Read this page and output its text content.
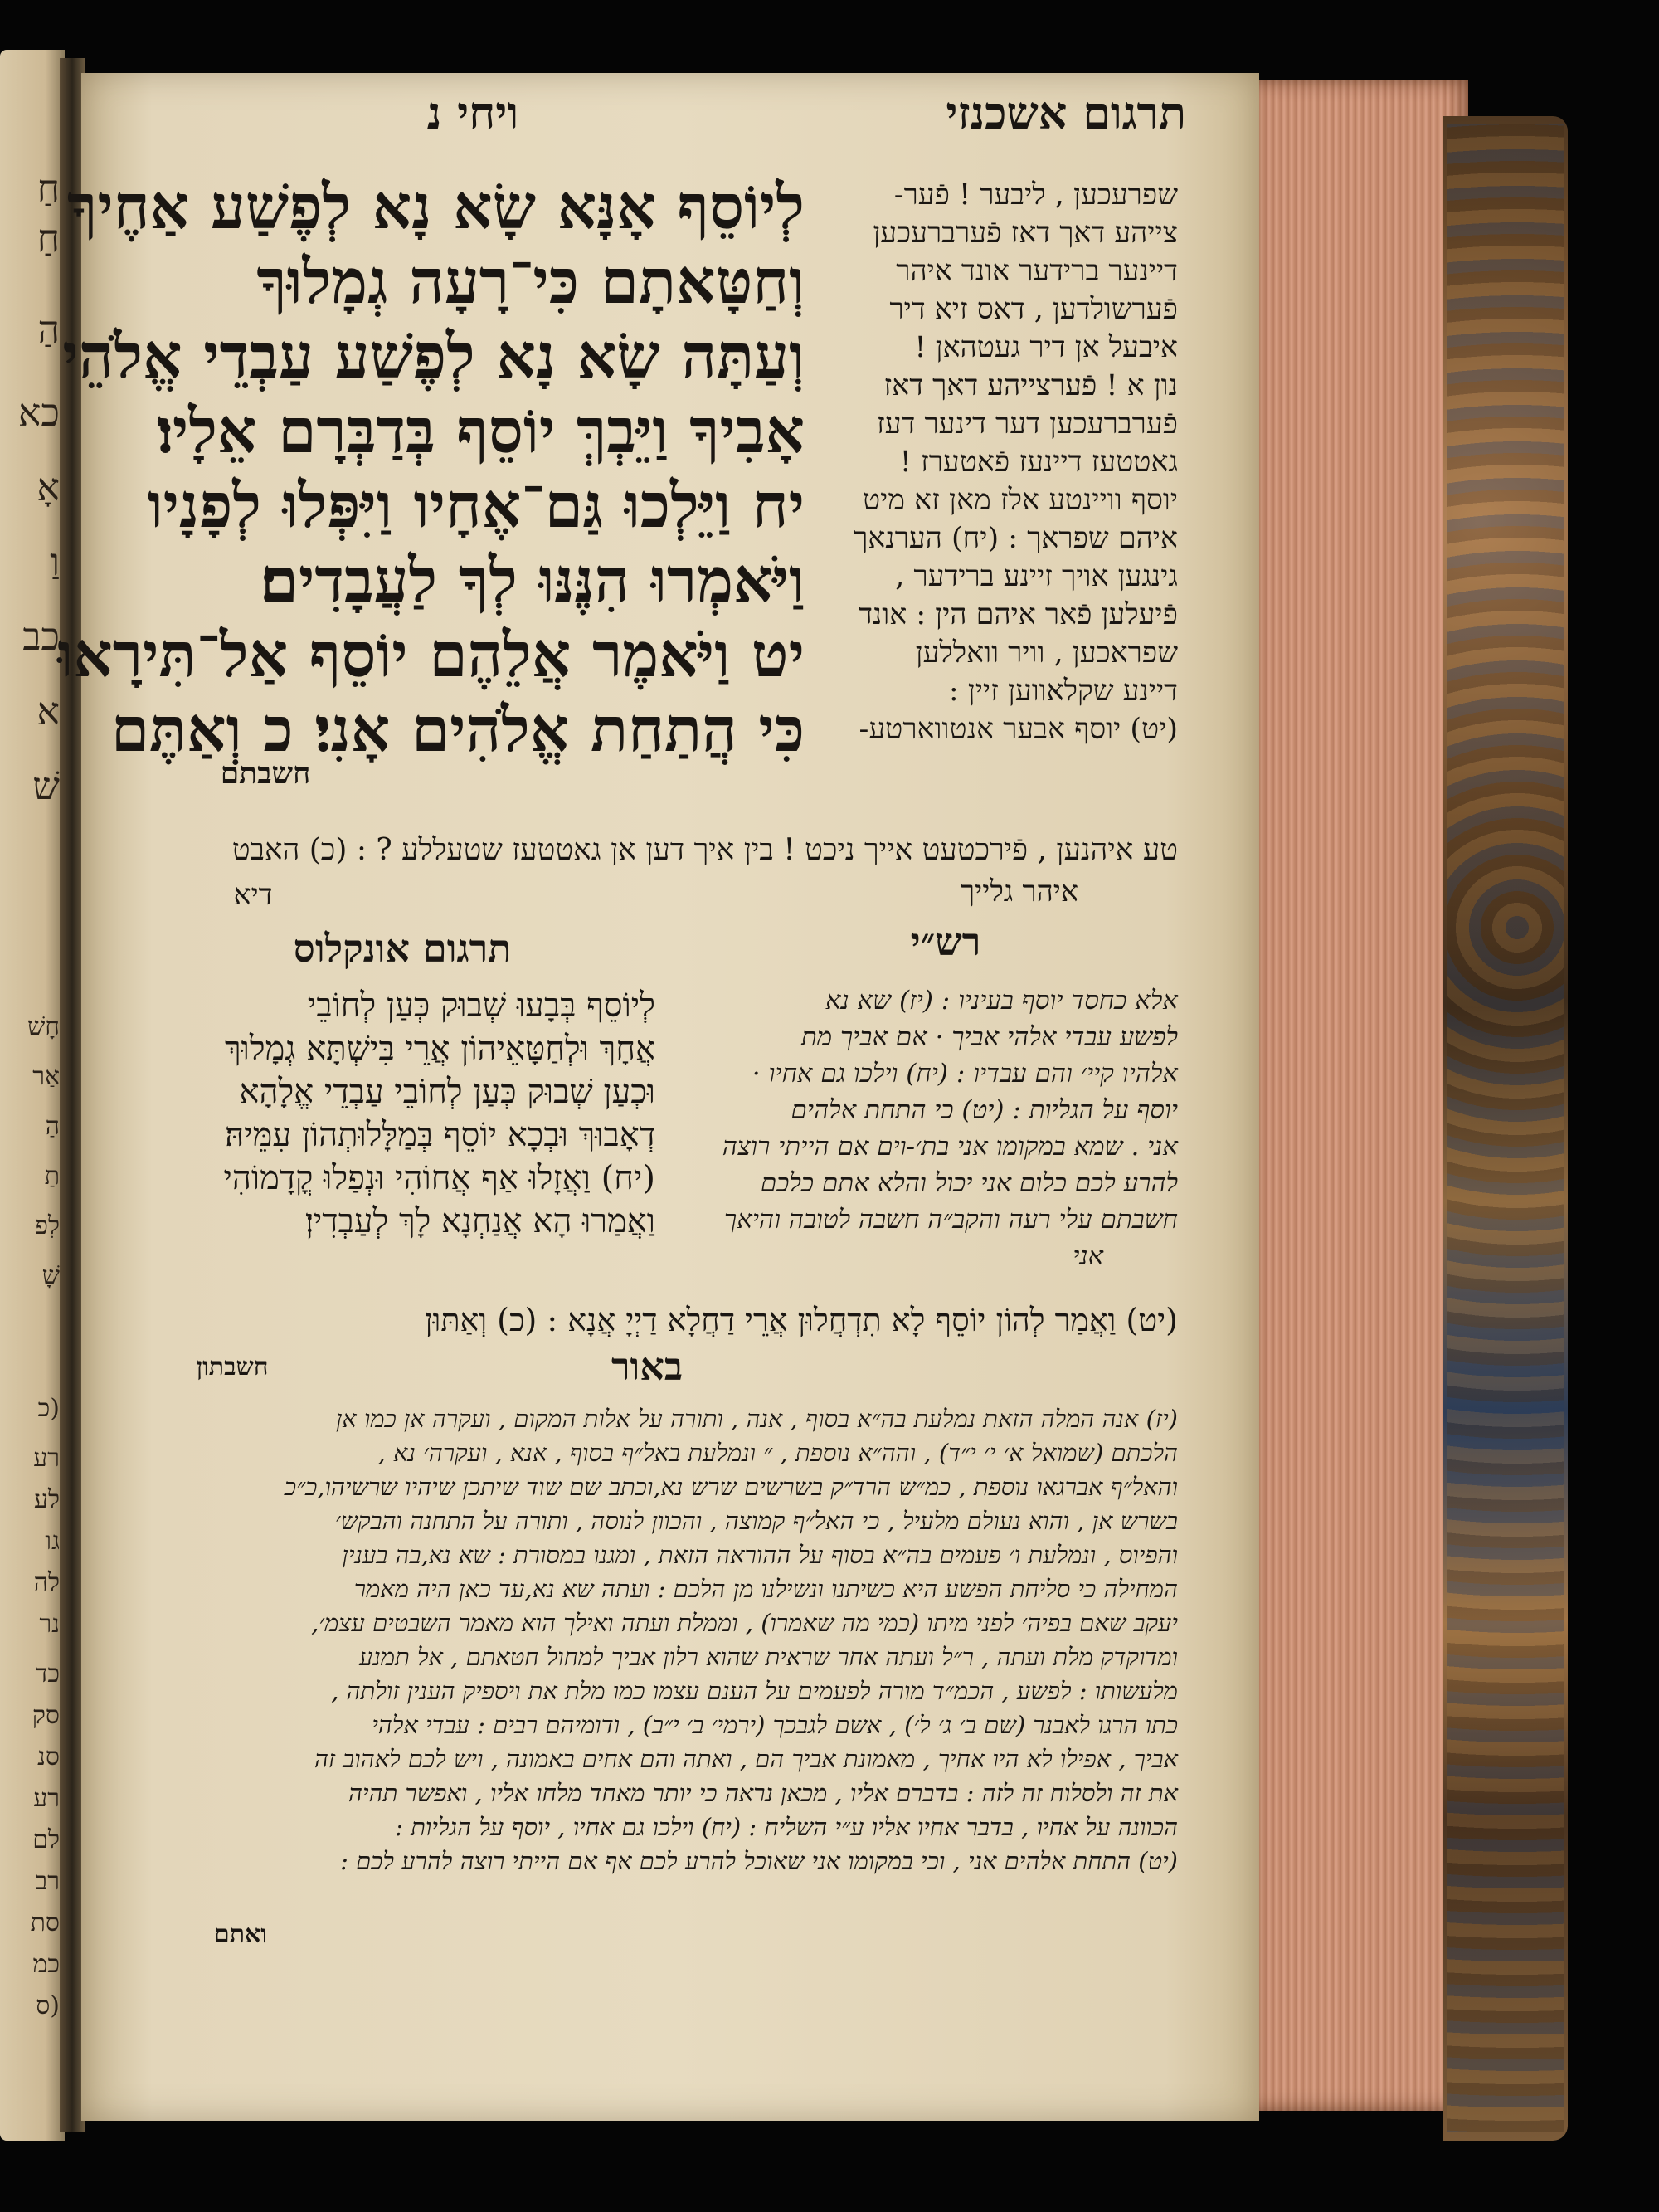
חַ
חַ
הַ
כא
אָ
וַ
כב
א
שׁ
חָשׁ
אַר
הַ
תַ
לִפ
שָׁ
(כ
רע
לע
גו
לה
נר
כד
סק
סנ
רע
לם
רב
סת
כמ
(ס
תרגום אשכנזי
ויחי נ
לְיוֹסֵף אָנָּא שָׂא נָא לְפֶשַׁע אַחֶיךָ
וְחַטָּאתָם כִּי־רָעָה גְמָלוּךָ
וְעַתָּה שָׂא נָא לְפֶשַׁע עַבְדֵי אֱלֹהֵי
אָבִיךָ וַיֵּבְךְּ יוֹסֵף בְּדַבְּרָם אֵלָיו׃
יח וַיֵּלְכוּ גַּם־אֶחָיו וַיִּפְּלוּ לְפָנָיו
וַיֹּאמְרוּ הִנֶּנּוּ לְךָ לַעֲבָדִים׃
יט וַיֹּאמֶר אֲלֵהֶם יוֹסֵף אַל־תִּירָאוּ
כִּי הֲתַחַת אֱלֹהִים אָנִי׃ כ וְאַתֶּם
חשבתם
שפרעכען , ליבער ! פֿער-
צייהע דאך דאז פֿערברעכען
דיינער ברידער אונד איהר
פֿערשולדען , דאס זיא דיר
איבעל אן דיר געטהאן !
נון א ! פֿערצייהע דאך דאז
פֿערברעכען דער דינער דעז
גאטטעז דיינעז פֿאטערז !
יוסף וויינטע אלז מאן זא מיט
איהם שפראך : (יח) הערנאך
גינגען אויך זיינע ברידער ,
פֿיעלען פֿאר איהם הין : אונד
שפראכען , וויר וואללען
דיינע שקלאווען זיין :
(יט) יוסף אבער אנטווארטע-
טע איהנען , פֿירכטעט אייך ניכט ! בין איך דען אן גאטטעז שטעללע ? : (כ) האבט
דיא	איהר גלייך
רש״י
אלא כחסד יוסף בעיניו : (יז) שא נא
לפשע עבדי אלהי אביך · אם אביך מת
אלהיו קיי׳ והם עבדיו : (יח) וילכו גם אחיו ·
יוסף על הגליות : (יט) כי התחת אלהים
אני . שמא במקומו אני בת׳-וים אם הייתי רוצה
להרע לכם כלום אני יכול והלא אתם כלכם
חשבתם עלי רעה והקב״ה חשבה לטובה והיאך
אני
תרגום אונקלוס
לְיוֹסֵף בְּבָעוּ שְׁבוּק כְּעַן לְחוֹבֵי
אֲחָךְ וּלְחַטָּאֵיהוֹן אֲרֵי בִּישְׁתָּא גְמָלוּךְ
וּכְעַן שְׁבוּק כְּעַן לְחוֹבֵי עַבְדֵי אֱלָהָא
דְאָבוּךְ וּבְכָא יוֹסֵף בְּמַלָּלוּתְהוֹן עִמֵּיהּ׃
(יח) וַאֲזָלוּ אַף אֲחוֹהִי וּנְפַלוּ קֳדָמוֹהִי
וַאֲמַרוּ הָא אֲנַחְנָא לָךְ לְעַבְדִין׃
(יט) וַאֲמַר לְהוֹן יוֹסֵף לָא תִדְחֲלוּן אֲרֵי דַחֲלָא דַיְיָ אֲנָא : (כ) וְאַתּוּן
חשבתון	באור
(יז) אנה המלה הזאת נמלעת בה״א בסוף , אנה , ותורה על אלות המקום , ועקרה אן כמו אן
הלכתם (שמואל א׳ י׳ י״ד) , והה״א נוספת , ״ ונמלעת באל״ף בסוף , אנא , ועקרה׳ נא ,
והאל״ף אברגאו נוספת , כמ״ש הרד״ק בשרשים שרש נא,וכתב שם שוד שיתכן שיהיו שרשיהו,כ״כ
בשרש אן , והוא נעולם מלעיל , כי האל״ף קמוצה , והכוון לנוסה , ותורה על התחנה והבקש׳
והפיוס , ונמלעת ו׳ פעמים בה״א בסוף על ההוראה הזאת , ומגנו במסורת : שא נא,בה בענין
המחילה כי סליחת הפשע היא כשיתנו ונשילנו מן הלכם : ועתה שא נא,עד כאן היה מאמר
יעקב שאם בפיה׳ לפני מיתו (כמי מה שאמרו) , וממלת ועתה ואילך הוא מאמר השבטים עצמ׳,
ומדוקדק מלת ועתה , ר״ל ועתה אחר שראית שהוא רלון אביך למחול חטאתם , אל תמנע
מלעשותו : לפשע , הכמ״ד מורה לפעמים על הענם עצמו כמו מלת את ויספיק הענין זולתה ,
כתו הרגו לאבנר (שם ב׳ ג׳ ל׳) , אשם לגבכך (ירמי׳ ב׳ י״ב) , ודומיהם רבים : עבדי אלהי
אביך , אפילו לא היו אחיך , מאמונת אביך הם , ואתה והם אחים באמונה , ויש לכם לאהוב זה
את זה ולסלוח זה לזה : בדברם אליו , מכאן נראה כי יותר מאחד מלחו אליו , ואפשר תהיה
הכוונה על אחיו , בדבר אחיו אליו ע״י השליח : (יח) וילכו גם אחיו , יוסף על הגליות :
(יט) התחת אלהים אני , וכי במקומו אני שאוכל להרע לכם אף אם הייתי רוצה להרע לכם :
ואתם
